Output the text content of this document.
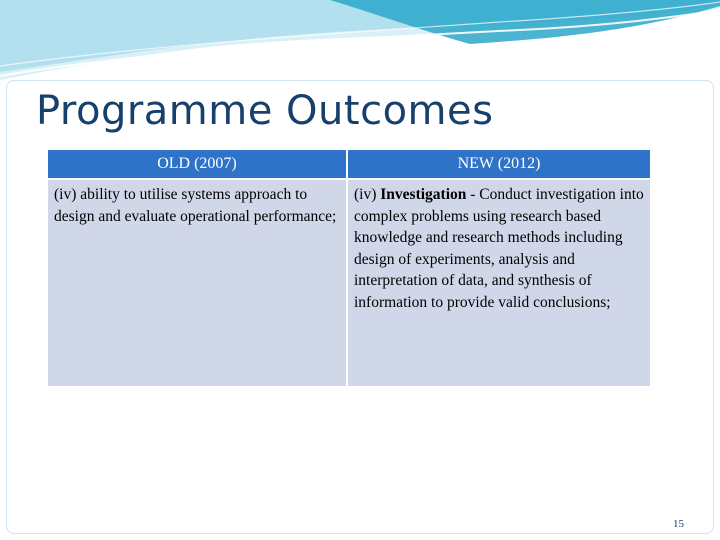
Programme Outcomes
OLD (2007)	NEW (2012)
(iv) ability to utilise systems approach to design and evaluate operational performance;	(iv) Investigation - Conduct investigation into complex problems using research based knowledge and research methods including design of experiments, analysis and interpretation of data, and synthesis of information to provide valid conclusions;
15
